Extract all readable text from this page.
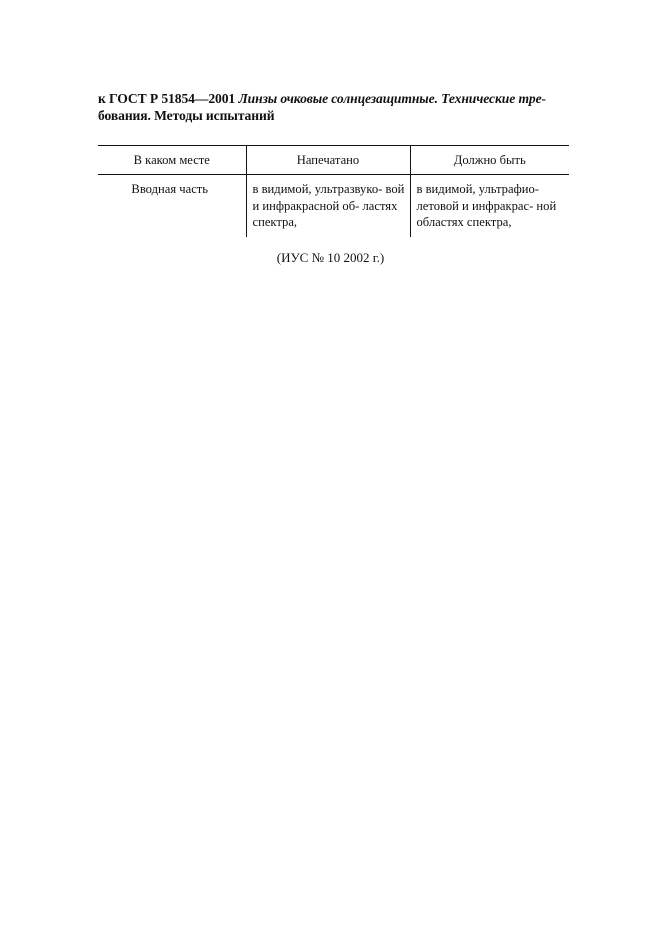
к ГОСТ Р 51854—2001 Линзы очковые солнцезащитные. Технические тре-
бования. Методы испытаний
В каком месте	Напечатано	Должно быть
Вводная часть	в видимой, ультразвуко- вой и инфракрасной об- ластях спектра,	в видимой, ультрафио- летовой и инфракрас- ной областях спектра,
(ИУС № 10 2002 г.)
